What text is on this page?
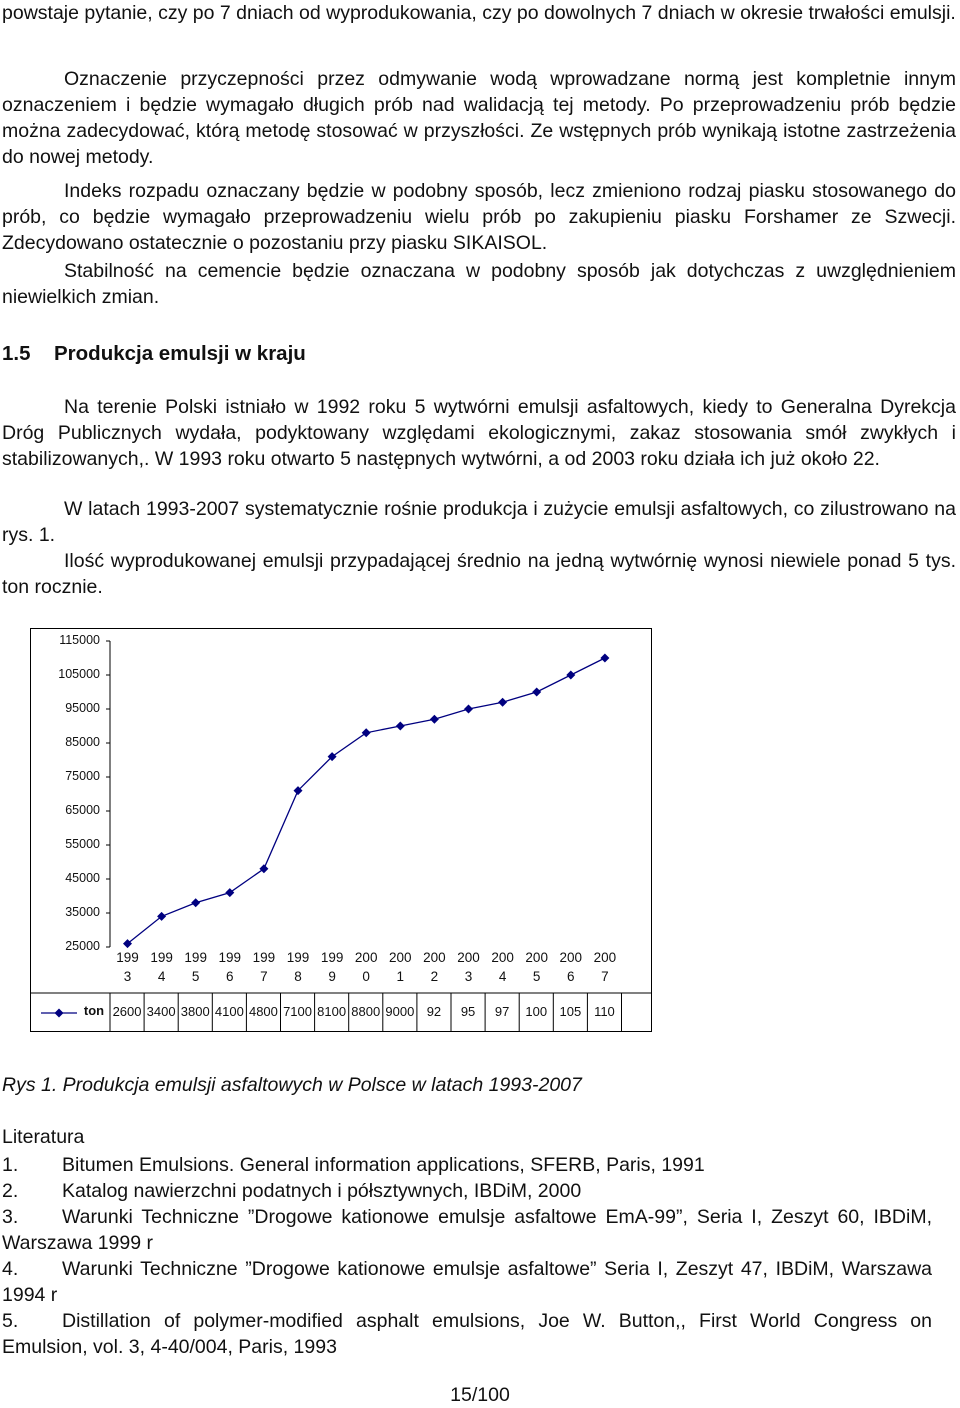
powstaje pytanie, czy po 7 dniach od wyprodukowania, czy po dowolnych 7 dniach w okresie trwałości emulsji.

Oznaczenie przyczepności przez odmywanie wodą wprowadzane normą jest kompletnie innym oznaczeniem i będzie wymagało długich prób nad walidacją tej metody. Po przeprowadzeniu prób będzie można zadecydować, którą metodę stosować w przyszłości. Ze wstępnych prób wynikają istotne zastrzeżenia do nowej metody.

Indeks rozpadu oznaczany będzie w podobny sposób, lecz zmieniono rodzaj piasku stosowanego do prób, co będzie wymagało przeprowadzeniu wielu prób po zakupieniu piasku Forshamer ze Szwecji. Zdecydowano ostatecznie o pozostaniu przy piasku SIKAISOL.

Stabilność na cemencie będzie oznaczana w podobny sposób jak dotychczas z uwzględnieniem niewielkich zmian.

1.5 Produkcja emulsji w kraju

Na terenie Polski istniało w 1992 roku 5 wytwórni emulsji asfaltowych, kiedy to Generalna Dyrekcja Dróg Publicznych wydała, podyktowany względami ekologicznymi, zakaz stosowania smół zwykłych i stabilizowanych,. W 1993 roku otwarto 5 następnych wytwórni, a od 2003 roku działa ich już około 22.

W latach 1993-2007 systematycznie rośnie produkcja i zużycie emulsji asfaltowych, co zilustrowano na rys. 1.

Ilość wyprodukowanej emulsji przypadającej średnio na jedną wytwórnię wynosi niewiele ponad 5 tys. ton rocznie.

115000
105000
95000
85000
75000
65000
55000
45000
35000
25000
199
3
199
4
199
5
199
6
199
7
199
8
199
9
200
0
200
1
200
2
200
3
200
4
200
5
200
6
200
7
ton 2600 3400 3800 4100 4800 7100 8100 8800 9000 92	95	97	100 105 110

Rys 1. Produkcja emulsji asfaltowych w Polsce w latach 1993-2007

Literatura

1. Bitumen Emulsions. General information applications, SFERB, Paris, 1991

2. Katalog nawierzchni podatnych i półsztywnych, IBDiM, 2000

3. Warunki Techniczne ”Drogowe kationowe emulsje asfaltowe EmA-99”, Seria I, Zeszyt 60, IBDiM, Warszawa 1999 r

4. Warunki Techniczne ”Drogowe kationowe emulsje asfaltowe” Seria I, Zeszyt 47, IBDiM, Warszawa 1994 r

5. Distillation of polymer-modified asphalt emulsions, Joe W. Button,, First World Congress on Emulsion, vol. 3, 4-40/004, Paris, 1993

15/100
